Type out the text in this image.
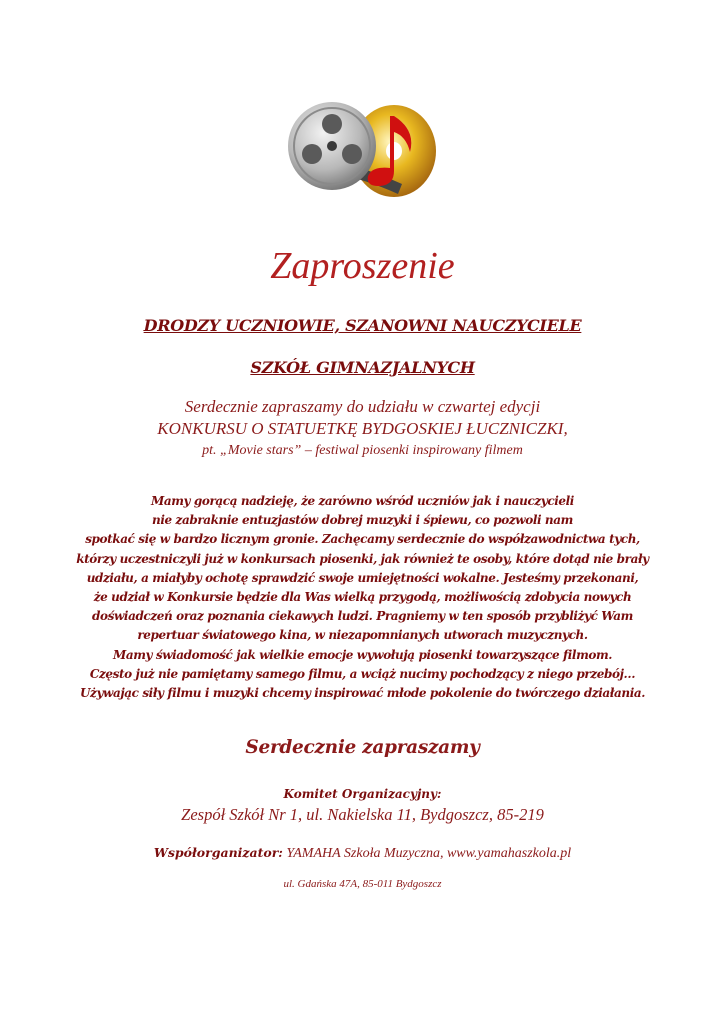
Zaproszenie
DRODZY UCZNIOWIE, SZANOWNI NAUCZYCIELE
SZKÓŁ GIMNAZJALNYCH
Serdecznie zapraszamy do udziału w czwartej edycji
KONKURSU O STATUETKĘ BYDGOSKIEJ ŁUCZNICZKI,
pt. „Movie stars” – festiwal piosenki inspirowany filmem
Mamy gorącą nadzieję, że zarówno wśród uczniów jak i nauczycieli
nie zabraknie entuzjastów dobrej muzyki i śpiewu, co pozwoli nam
spotkać się w bardzo licznym gronie. Zachęcamy serdecznie do współzawodnictwa tych,
którzy uczestniczyli już w konkursach piosenki, jak również te osoby, które dotąd nie brały
udziału, a miałyby ochotę sprawdzić swoje umiejętności wokalne. Jesteśmy przekonani,
że udział w Konkursie będzie dla Was wielką przygodą, możliwością zdobycia nowych
doświadczeń oraz poznania ciekawych ludzi. Pragniemy w ten sposób przybliżyć Wam
repertuar światowego kina, w niezapomnianych utworach muzycznych.
Mamy świadomość jak wielkie emocje wywołują piosenki towarzyszące filmom.
Często już nie pamiętamy samego filmu, a wciąż nucimy pochodzący z niego przebój…
Używając siły filmu i muzyki chcemy inspirować młode pokolenie do twórczego działania.
Serdecznie zapraszamy
Komitet Organizacyjny:
Zespół Szkół Nr 1, ul. Nakielska 11, Bydgoszcz, 85-219
Współorganizator: YAMAHA Szkoła Muzyczna, www.yamahaszkola.pl
ul. Gdańska 47A, 85-011 Bydgoszcz
